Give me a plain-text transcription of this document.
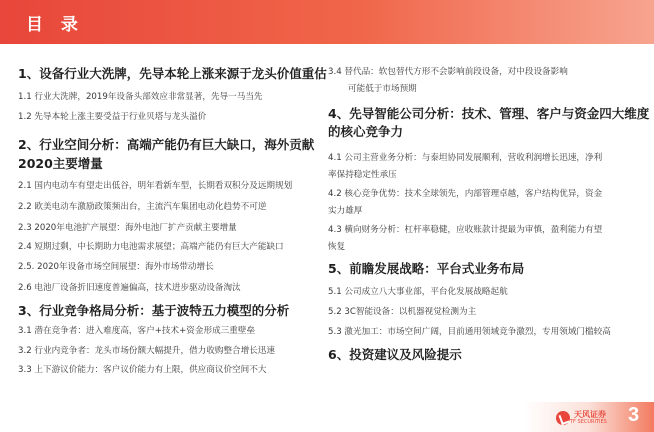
目 录

1、设备行业大洗牌，先导本轮上涨来源于龙头价值重估

1.1 行业大洗牌，2019年设备头部效应非常显著，先导一马当先

1.2 先导本轮上涨主要受益于行业贝塔与龙头溢价

2、行业空间分析：高端产能仍有巨大缺口，海外贡献

2020主要增量

2.1 国内电动车有望走出低谷，明年看新车型，长期看双积分及远期规划

2.2 欧美电动车激励政策频出台，主流汽车集团电动化趋势不可逆

2.3 2020年电池扩产展望：海外电池厂扩产贡献主要增量

2.4 短期过剩，中长期助力电池需求展望；高端产能仍有巨大产能缺口

2.5. 2020年设备市场空间展望：海外市场带动增长

2.6 电池厂设备折旧速度普遍偏高，技术进步驱动设备淘汰

3、行业竞争格局分析：基于波特五力模型的分析

3.1 潜在竞争者：进入难度高，客户+技术+资金形成三重壁垒

3.2 行业内竞争者：龙头市场份额大幅提升，借力收购整合增长迅速

3.3 上下游议价能力：客户议价能力有上限，供应商议价空间不大

3.4 替代品：软包替代方形不会影响前段设备，对中段设备影响

可能低于市场预期

4、先导智能公司分析：技术、管理、客户与资金四大维度

的核心竞争力

4.1 公司主营业务分析：与泰坦协同发展顺利，营收利润增长迅速，净利

率保持稳定性承压

4.2 核心竞争优势：技术全球领先，内部管理卓越，客户结构优异，资金

实力雄厚

4.3 横向财务分析：杠杆率稳健，应收账款计提最为审慎，盈利能力有望

恢复

5、前瞻发展战略：平台式业务布局

5.1 公司成立八大事业部，平台化发展战略起航

5.2 3C智能设备：以机器视觉检测为主

5.3 激光加工：市场空间广阔，目前通用领域竞争激烈，专用领域门槛较高

6、投资建议及风险提示

天风证券
TF SECURITIES 3
